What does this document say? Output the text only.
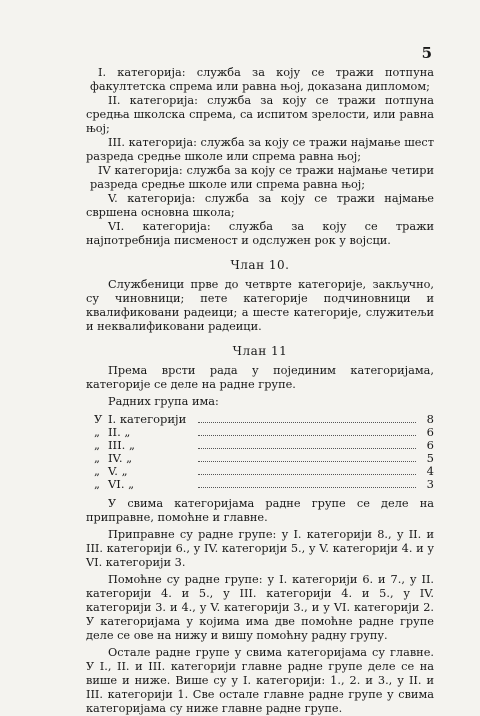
5

I. категорија: служба за коју се тражи потпуна факултетска спрема или равна њој, доказана дипломом;

II. категорија: служба за коју се тражи потпуна средња школска спрема, са испитом зрелости, или равна њој;

III. категорија: служба за коју се тражи најмање шест разреда средње школе или спрема равна њој;

IV категорија: служба за коју се тражи најмање четири разреда средње школе или спрема равна њој;

V. категорија: служба за коју се тражи најмање свршена основна школа;

VI. категорија: служба за коју се тражи најпотребнија писменост и одслужен рок у војсци.

Члан 10.

Службеници прве до четврте категорије, закључно, су чиновници; пете категорије подчиновници и квалификовани радеици; а шесте категорије, служитељи и неквалификовани радеици.

Члан 11

Према врсти рада у појединим категоријама, категорије се деле на радне групе.

Радних група има:

У I. категорији	8
„ II. „	6
„ III. „	6
„ IV. „	5
„ V. „	4
„ VI. „	3

У свима категоријама радне групе се деле на приправне, помоћне и главне.

Приправне су радне групе: у I. категорији 8., у II. и III. категорији 6., у IV. категорији 5., у V. категорији 4. и у VI. категорији 3.

Помоћне су радне групе: у I. категорији 6. и 7., у II. категорији 4. и 5., у III. категорији 4. и 5., у IV. категорији 3. и 4., у V. категорији 3., и у VI. категорији 2. У категоријама у којима има две помоћне радне групе деле се ове на нижу и вишу помоћну радну групу.

Остале радне групе у свима категоријама су главне. У I., II. и III. категорији главне радне групе деле се на више и ниже. Више су у I. категорији: 1., 2. и 3., у II. и III. категорији 1. Све остале главне радне групе у свима категоријама су ниже главне радне групе.
